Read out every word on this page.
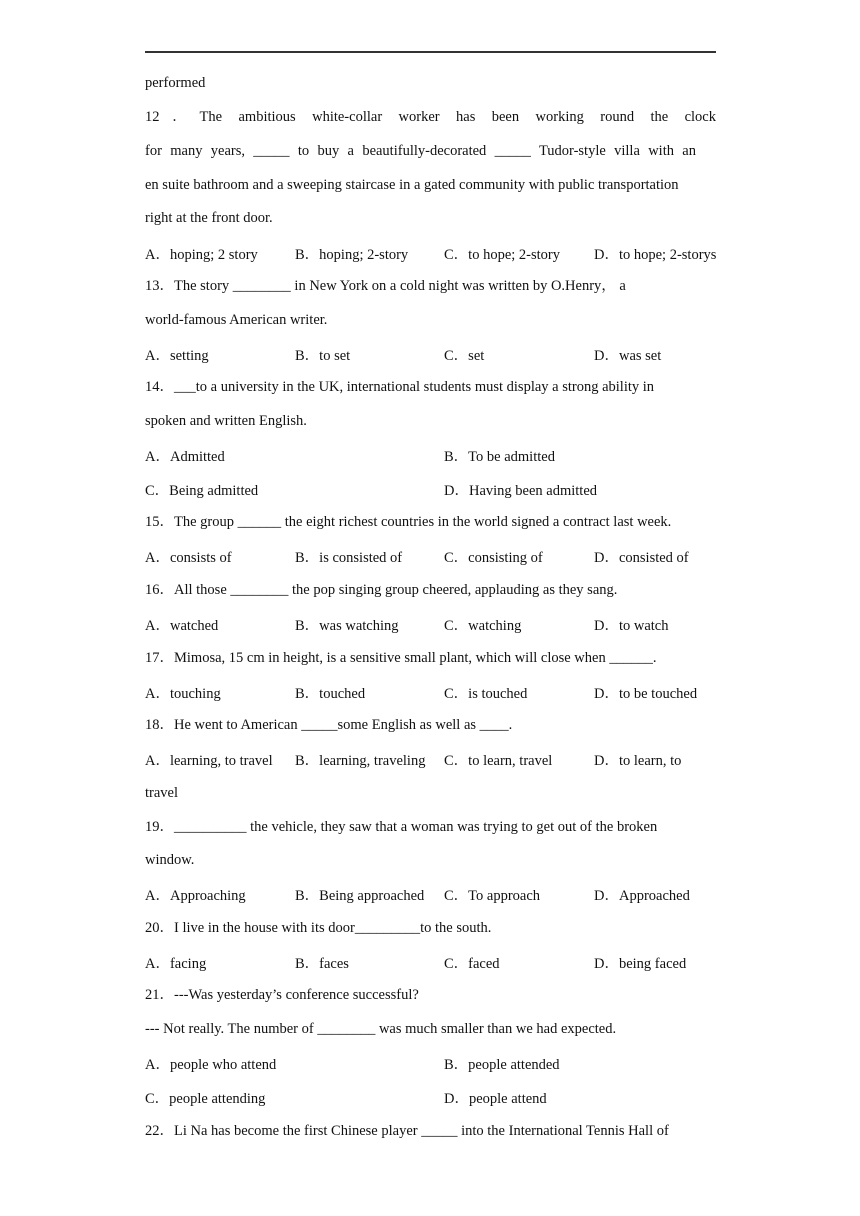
performed
12．The ambitious white-collar worker has been working round the clock
for many years, _____ to buy a beautifully-decorated _____ Tudor-style villa with an
en suite bathroom and a sweeping staircase in a gated community with public transportation
right at the front door.
A．hoping; 2 story	B．hoping; 2-story C．to hope; 2-story D．to hope; 2-storys
13．The story ________ in New York on a cold night was written by O.Henry， a
world-famous American writer.
A．setting	B．to set	C．set	D．was set
14．___to a university in the UK, international students must display a strong ability in
spoken and written English.
A．Admitted	B．To be admitted
C．Being admitted	D．Having been admitted
15．The group ______ the eight richest countries in the world signed a contract last week.
A．consists of	B．is consisted of	C．consisting of	D．consisted of
16．All those ________ the pop singing group cheered, applauding as they sang.
A．watched	B．was watching	C．watching	D．to watch
17．Mimosa, 15 cm in height, is a sensitive small plant, which will close when ______.
A．touching	B．touched	C．is touched	D．to be touched
18．He went to American _____some English as well as ____.
A．learning, to travel B．learning, traveling C．to learn, travel	D．to learn, to
travel
19．__________ the vehicle, they saw that a woman was trying to get out of the broken
window.
A．Approaching	B．Being approached C．To approach	D．Approached
20．I live in the house with its door_________to the south.
A．facing	B．faces	C．faced	D．being faced
21．---Was yesterday’s conference successful?
--- Not really. The number of ________ was much smaller than we had expected.
A．people who attend	B．people attended
C．people attending	D．people attend
22．Li Na has become the first Chinese player _____ into the International Tennis Hall of
